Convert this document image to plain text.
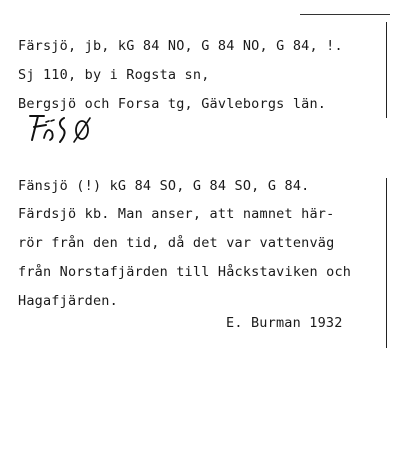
Färsjö, jb, kG 84 NO, G 84 NO, G 84, !.
Sj 110, by i Rogsta sn,
Bergsjö och Forsa tg, Gävleborgs län.
Fänsjö (!) kG 84 SO, G 84 SO, G 84.
Färdsjö kb. Man anser, att namnet här-
rör från den tid, då det var vattenväg
från Norstafjärden till Håckstaviken och
Hagafjärden.
E. Burman 1932
